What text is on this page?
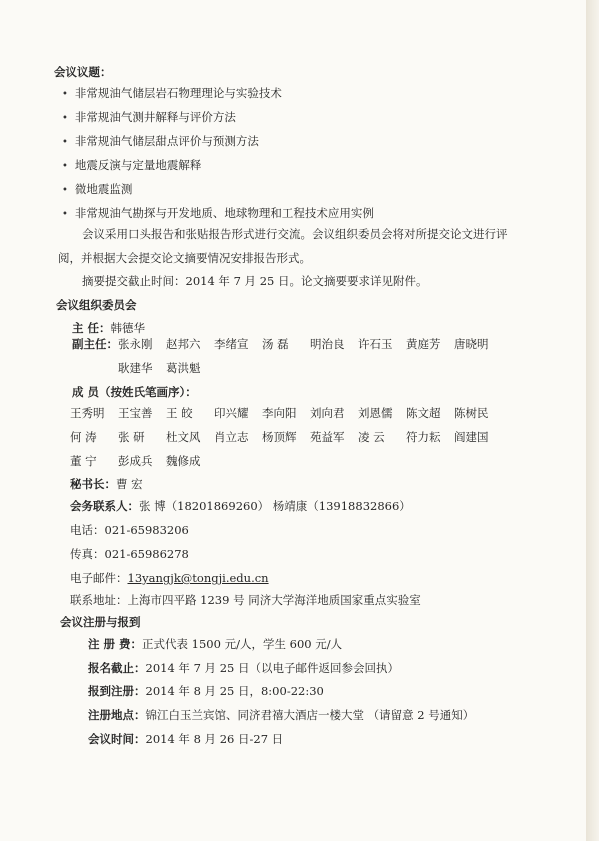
会议议题：
• 非常规油气储层岩石物理理论与实验技术
• 非常规油气测井解释与评价方法
• 非常规油气储层甜点评价与预测方法
• 地震反演与定量地震解释
• 微地震监测
• 非常规油气勘探与开发地质、地球物理和工程技术应用实例
会议采用口头报告和张贴报告形式进行交流。会议组织委员会将对所提交论文进行评
阅，并根据大会提交论文摘要情况安排报告形式。
摘要提交截止时间：2014 年 7 月 25 日。论文摘要要求详见附件。
会议组织委员会
主 任：韩德华
副主任： 张永刚 赵邦六 李绪宣 汤 磊 明治良 许石玉 黄庭芳 唐晓明
耿建华 葛洪魁
成 员（按姓氏笔画序）：
王秀明 王宝善 王 皎 印兴耀 李向阳 刘向君 刘恩儒 陈文超 陈树民
何 涛 张 研 杜文风 肖立志 杨顶辉 苑益军 凌 云 符力耘 阎建国
董 宁 彭成兵 魏修成
秘书长：曹 宏
会务联系人：张 博（18201869260） 杨靖康（13918832866）
电话：021-65983206
传真：021-65986278
电子邮件：13yangjk@tongji.edu.cn
联系地址：上海市四平路 1239 号 同济大学海洋地质国家重点实验室
会议注册与报到
注 册 费：正式代表 1500 元/人，学生 600 元/人
报名截止：2014 年 7 月 25 日（以电子邮件返回参会回执）
报到注册：2014 年 8 月 25 日，8:00-22:30
注册地点：锦江白玉兰宾馆、同济君禧大酒店一楼大堂 （请留意 2 号通知）
会议时间：2014 年 8 月 26 日-27 日
